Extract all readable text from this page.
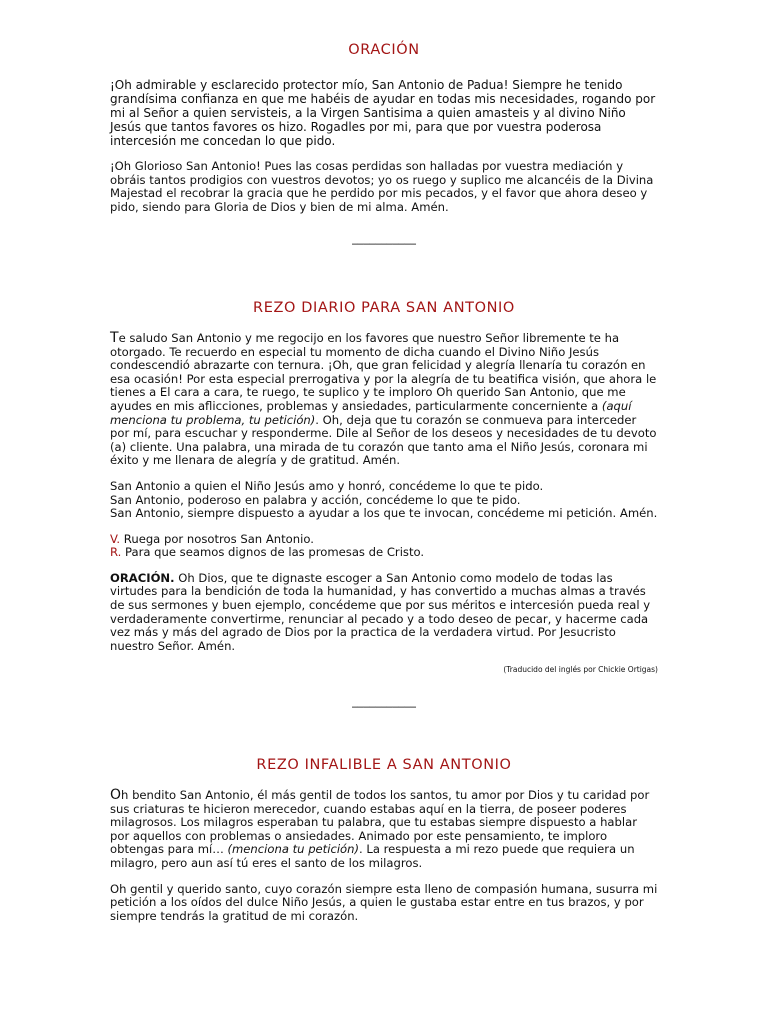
ORACIÓN

¡Oh admirable y esclarecido protector mío, San Antonio de Padua! Siempre he tenido grandísima confianza en que me habéis de ayudar en todas mis necesidades, rogando por mi al Señor a quien servisteis, a la Virgen Santisima a quien amasteis y al divino Niño Jesús que tantos favores os hizo. Rogadles por mi, para que por vuestra poderosa intercesión me concedan lo que pido.

¡Oh Glorioso San Antonio! Pues las cosas perdidas son halladas por vuestra mediación y obráis tantos prodigios con vuestros devotos; yo os ruego y suplico me alcancéis de la Divina Majestad el recobrar la gracia que he perdido por mis pecados, y el favor que ahora deseo y pido, siendo para Gloria de Dios y bien de mi alma. Amén.

___________
REZO DIARIO PARA SAN ANTONIO

Te saludo San Antonio y me regocijo en los favores que nuestro Señor libremente te ha otorgado. Te recuerdo en especial tu momento de dicha cuando el Divino Niño Jesús condescendió abrazarte con ternura. ¡Oh, que gran felicidad y alegría llenaría tu corazón en esa ocasión! Por esta especial prerrogativa y por la alegría de tu beatifica visión, que ahora le tienes a El cara a cara, te ruego, te suplico y te imploro Oh querido San Antonio, que me ayudes en mis aflicciones, problemas y ansiedades, particularmente concerniente a (aquí menciona tu problema, tu petición). Oh, deja que tu corazón se conmueva para interceder por mí, para escuchar y responderme. Dile al Señor de los deseos y necesidades de tu devoto (a) cliente. Una palabra, una mirada de tu corazón que tanto ama el Niño Jesús, coronara mi éxito y me llenara de alegría y de gratitud. Amén.

San Antonio a quien el Niño Jesús amo y honró, concédeme lo que te pido.
San Antonio, poderoso en palabra y acción, concédeme lo que te pido.
San Antonio, siempre dispuesto a ayudar a los que te invocan, concédeme mi petición. Amén.

V. Ruega por nosotros San Antonio.
R. Para que seamos dignos de las promesas de Cristo.

ORACIÓN. Oh Dios, que te dignaste escoger a San Antonio como modelo de todas las virtudes para la bendición de toda la humanidad, y has convertido a muchas almas a través de sus sermones y buen ejemplo, concédeme que por sus méritos e intercesión pueda real y verdaderamente convertirme, renunciar al pecado y a todo deseo de pecar, y hacerme cada vez más y más del agrado de Dios por la practica de la verdadera virtud. Por Jesucristo nuestro Señor. Amén.

(Traducido del inglés por Chickie Ortigas)
___________
REZO INFALIBLE A SAN ANTONIO

Oh bendito San Antonio, él más gentil de todos los santos, tu amor por Dios y tu caridad por sus criaturas te hicieron merecedor, cuando estabas aquí en la tierra, de poseer poderes milagrosos. Los milagros esperaban tu palabra, que tu estabas siempre dispuesto a hablar por aquellos con problemas o ansiedades. Animado por este pensamiento, te imploro obtengas para mí… (menciona tu petición). La respuesta a mi rezo puede que requiera un milagro, pero aun así tú eres el santo de los milagros.

Oh gentil y querido santo, cuyo corazón siempre esta lleno de compasión humana, susurra mi petición a los oídos del dulce Niño Jesús, a quien le gustaba estar entre en tus brazos, y por siempre tendrás la gratitud de mi corazón.
